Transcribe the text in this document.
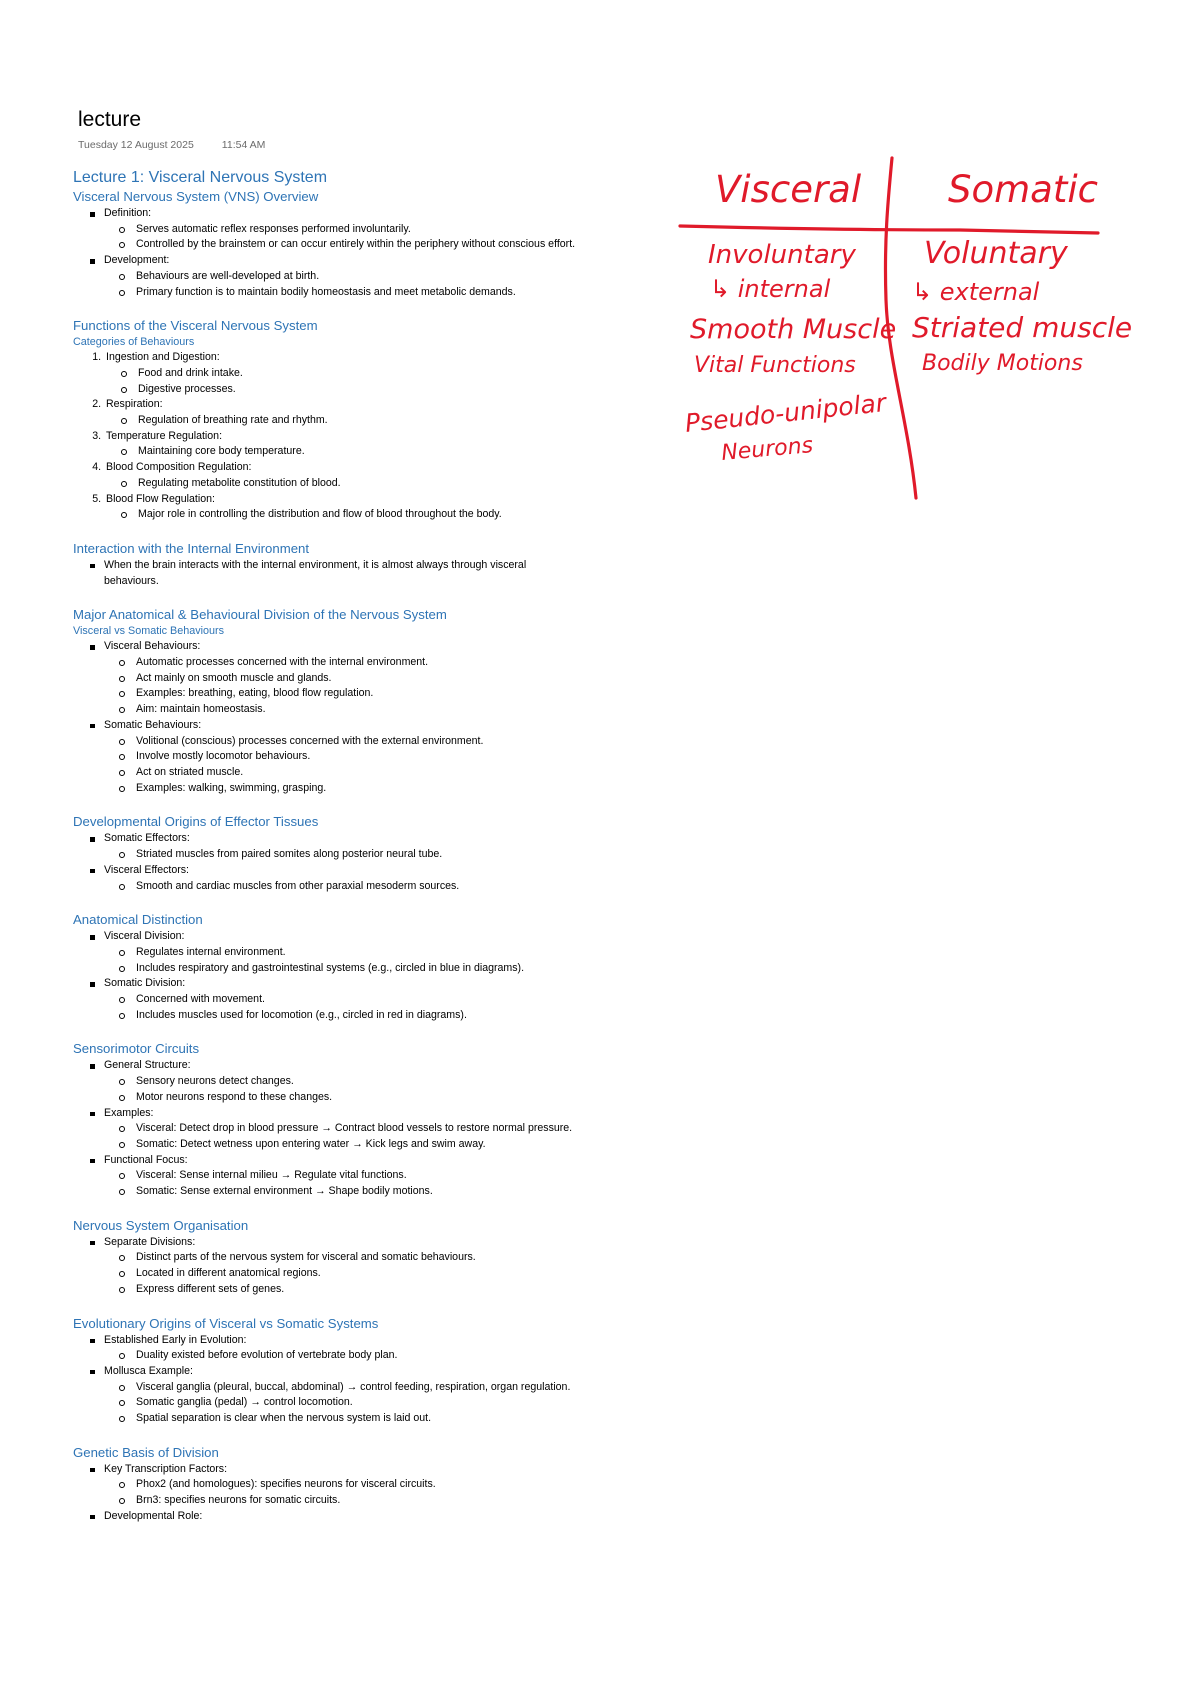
lecture
Tuesday 12 August 2025	11:54 AM
Lecture 1: Visceral Nervous System
Visceral Nervous System (VNS) Overview
Definition:
Serves automatic reflex responses performed involuntarily.
Controlled by the brainstem or can occur entirely within the periphery without conscious effort.
Development:
Behaviours are well-developed at birth.
Primary function is to maintain bodily homeostasis and meet metabolic demands.
Functions of the Visceral Nervous System
Categories of Behaviours
1. Ingestion and Digestion:
Food and drink intake.
Digestive processes.
2. Respiration:
Regulation of breathing rate and rhythm.
3. Temperature Regulation:
Maintaining core body temperature.
4. Blood Composition Regulation:
Regulating metabolite constitution of blood.
5. Blood Flow Regulation:
Major role in controlling the distribution and flow of blood throughout the body.
Interaction with the Internal Environment
When the brain interacts with the internal environment, it is almost always through visceral behaviours.
Major Anatomical & Behavioural Division of the Nervous System
Visceral vs Somatic Behaviours
Visceral Behaviours:
Automatic processes concerned with the internal environment.
Act mainly on smooth muscle and glands.
Examples: breathing, eating, blood flow regulation.
Aim: maintain homeostasis.
Somatic Behaviours:
Volitional (conscious) processes concerned with the external environment.
Involve mostly locomotor behaviours.
Act on striated muscle.
Examples: walking, swimming, grasping.
Developmental Origins of Effector Tissues
Somatic Effectors:
Striated muscles from paired somites along posterior neural tube.
Visceral Effectors:
Smooth and cardiac muscles from other paraxial mesoderm sources.
Anatomical Distinction
Visceral Division:
Regulates internal environment.
Includes respiratory and gastrointestinal systems (e.g., circled in blue in diagrams).
Somatic Division:
Concerned with movement.
Includes muscles used for locomotion (e.g., circled in red in diagrams).
Sensorimotor Circuits
General Structure:
Sensory neurons detect changes.
Motor neurons respond to these changes.
Examples:
Visceral: Detect drop in blood pressure → Contract blood vessels to restore normal pressure.
Somatic: Detect wetness upon entering water → Kick legs and swim away.
Functional Focus:
Visceral: Sense internal milieu → Regulate vital functions.
Somatic: Sense external environment → Shape bodily motions.
Nervous System Organisation
Separate Divisions:
Distinct parts of the nervous system for visceral and somatic behaviours.
Located in different anatomical regions.
Express different sets of genes.
Evolutionary Origins of Visceral vs Somatic Systems
Established Early in Evolution:
Duality existed before evolution of vertebrate body plan.
Mollusca Example:
Visceral ganglia (pleural, buccal, abdominal) → control feeding, respiration, organ regulation.
Somatic ganglia (pedal) → control locomotion.
Spatial separation is clear when the nervous system is laid out.
Genetic Basis of Division
Key Transcription Factors:
Phox2 (and homologues): specifies neurons for visceral circuits.
Brn3: specifies neurons for somatic circuits.
Developmental Role:
Visceral Somatic
Involuntary
↳ internal
Smooth Muscle
Vital Functions
Pseudo-unipolar
Neurons
Voluntary
↳ external
Striated muscle
Bodily Motions
